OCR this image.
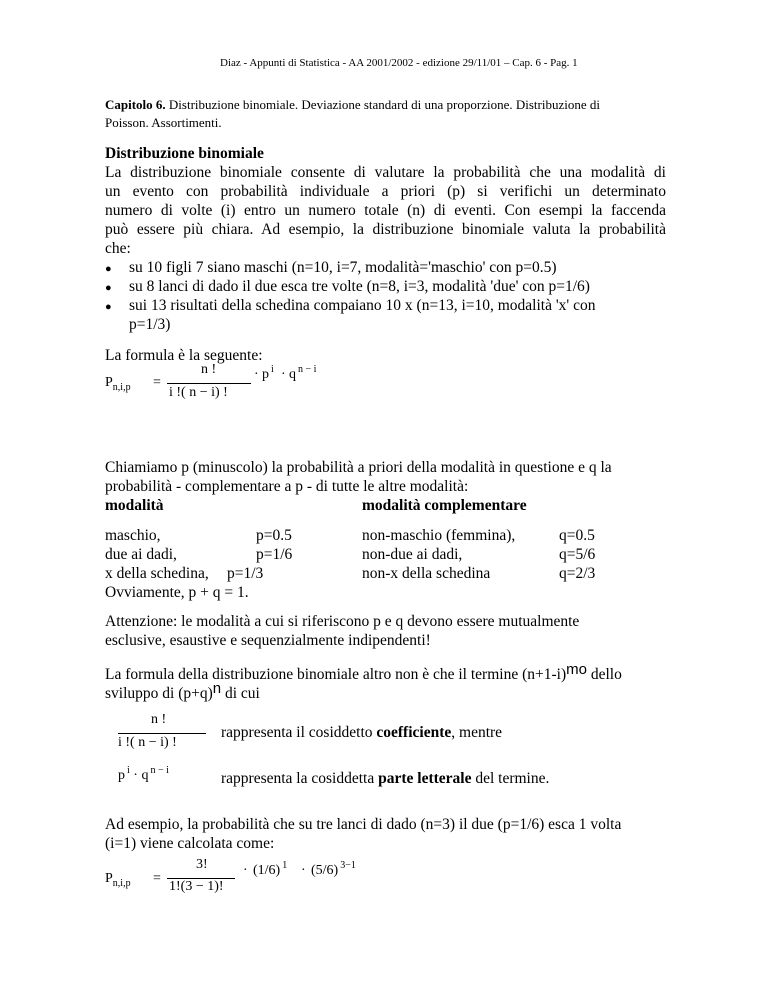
Diaz - Appunti di Statistica - AA 2001/2002 - edizione 29/11/01 – Cap. 6 - Pag. 1
Capitolo 6. Distribuzione binomiale. Deviazione standard di una proporzione. Distribuzione di
Poisson. Assortimenti.
Distribuzione binomiale
La distribuzione binomiale consente di valutare la probabilità che una modalità di
un evento con probabilità individuale a priori (p) si verifichi un determinato
numero di volte (i) entro un numero totale (n) di eventi. Con esempi la faccenda
può essere più chiara. Ad esempio, la distribuzione binomiale valuta la probabilità
che:
● su 10 figli 7 siano maschi (n=10, i=7, modalità='maschio' con p=0.5)
● su 8 lanci di dado il due esca tre volte (n=8, i=3, modalità 'due' con p=1/6)
● sui 13 risultati della schedina compaiano 10 x (n=13, i=10, modalità 'x' con
p=1/3)
La formula è la seguente:
$P_{n,i,p}$ =
n !
i !( n − i) !
· p $^i$ · q $^{n - i}$
Chiamiamo p (minuscolo) la probabilità a priori della modalità in questione e q la
probabilità - complementare a p - di tutte le altre modalità:
modalità	modalità complementare
maschio,	p=0.5	non-maschio (femmina),	q=0.5
due ai dadi,	p=1/6	non-due ai dadi,	q=5/6
x della schedina, p=1/3	non-x della schedina	q=2/3
Ovviamente, p + q = 1.
Attenzione: le modalità a cui si riferiscono p e q devono essere mutualmente
esclusive, esaustive e sequenzialmente indipendenti!
La formula della distribuzione binomiale altro non è che il termine (n+1-i)mo dello
sviluppo di (p+q)n di cui
n !
i !( n − i) !
rappresenta il cosiddetto coefficiente, mentre
p $^i$ · q $^{n - i}$	rappresenta la cosiddetta parte letterale del termine.
Ad esempio, la probabilità che su tre lanci di dado (n=3) il due (p=1/6) esca 1 volta
(i=1) viene calcolata come:
$P_{n,i,p}$ =
3!
1!(3 − 1)!
· (1/6) $^1$ · (5/6) $^{3-1}$
